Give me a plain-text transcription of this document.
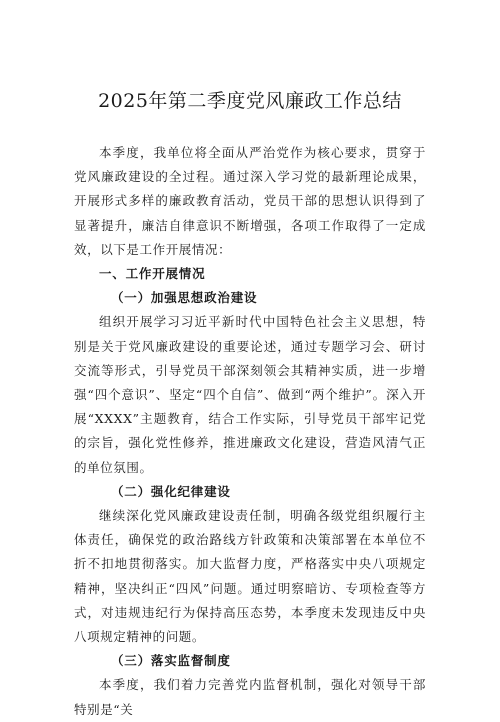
2025年第二季度党风廉政工作总结

本季度，我单位将全面从严治党作为核心要求，贯穿于党风廉政建设的全过程。通过深入学习党的最新理论成果，开展形式多样的廉政教育活动，党员干部的思想认识得到了显著提升，廉洁自律意识不断增强，各项工作取得了一定成效，以下是工作开展情况：

一、工作开展情况

（一）加强思想政治建设

组织开展学习习近平新时代中国特色社会主义思想，特别是关于党风廉政建设的重要论述，通过专题学习会、研讨交流等形式，引导党员干部深刻领会其精神实质，进一步增强“四个意识”、坚定“四个自信”、做到“两个维护”。深入开展“XXXX”主题教育，结合工作实际，引导党员干部牢记党的宗旨，强化党性修养，推进廉政文化建设，营造风清气正的单位氛围。

（二）强化纪律建设

继续深化党风廉政建设责任制，明确各级党组织履行主体责任，确保党的政治路线方针政策和决策部署在本单位不折不扣地贯彻落实。加大监督力度，严格落实中央八项规定精神，坚决纠正“四风”问题。通过明察暗访、专项检查等方式，对违规违纪行为保持高压态势，本季度未发现违反中央八项规定精神的问题。

（三）落实监督制度

本季度，我们着力完善党内监督机制，强化对领导干部特别是“关
